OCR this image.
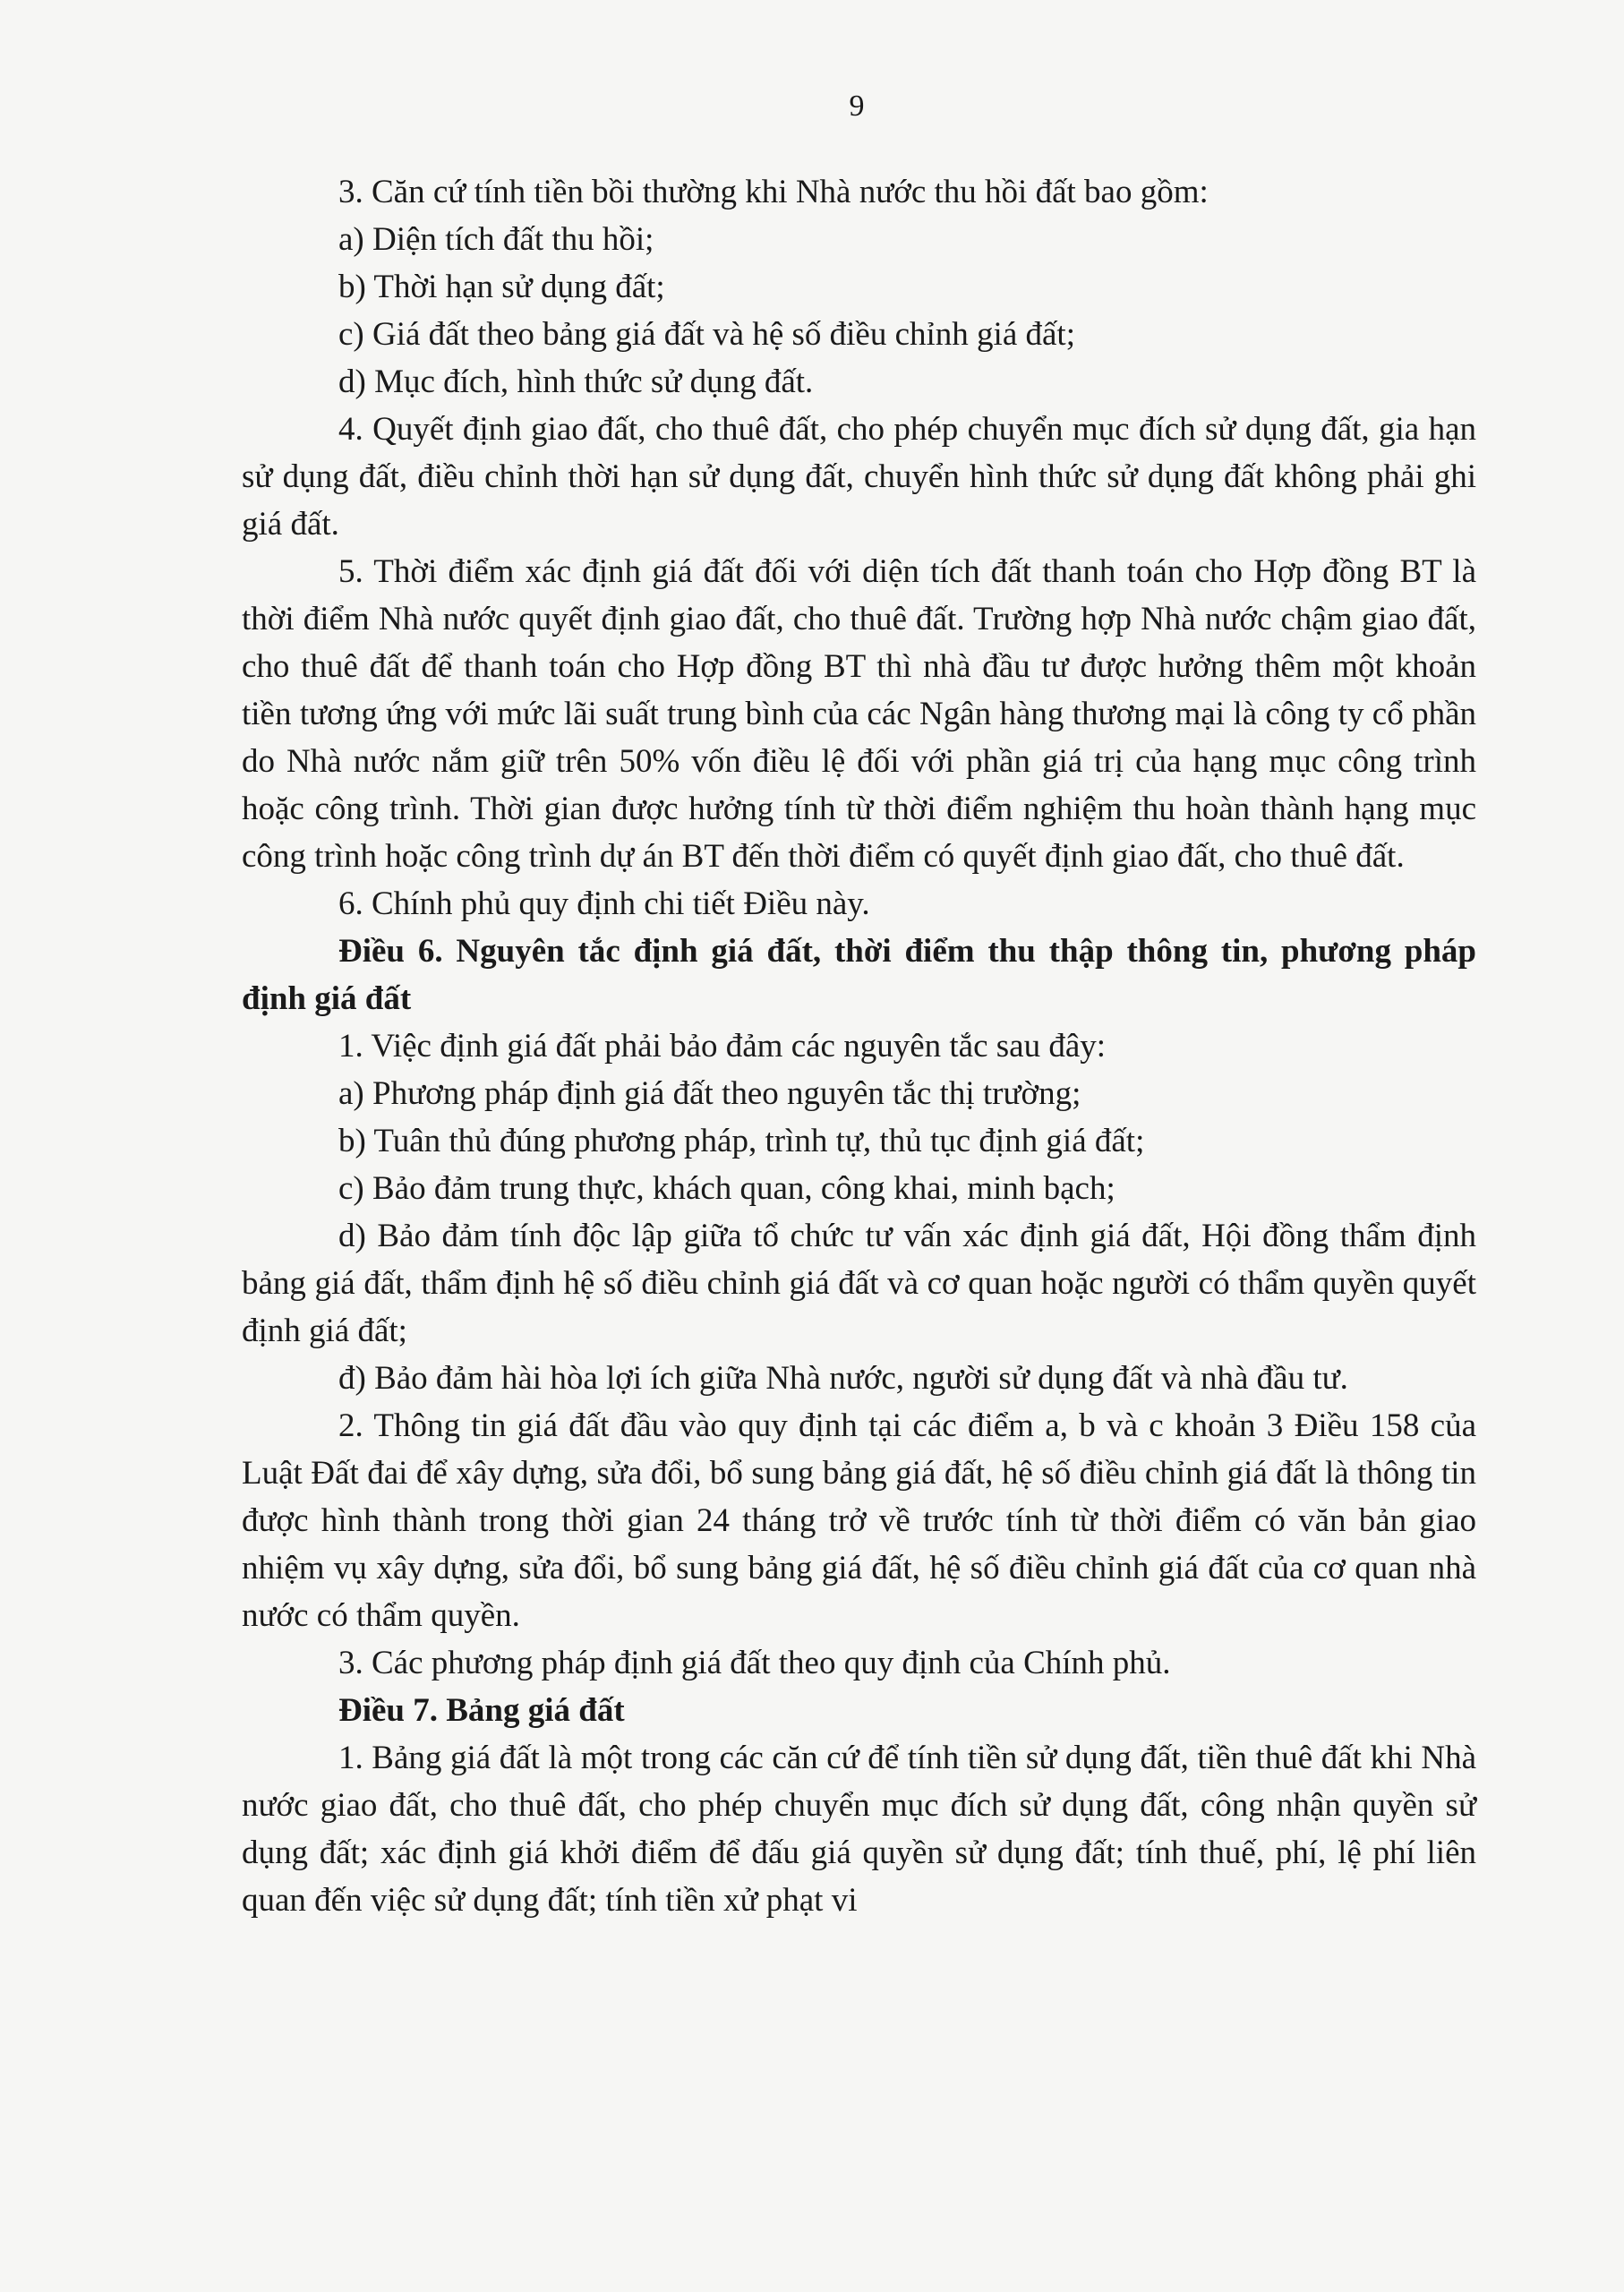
9

3. Căn cứ tính tiền bồi thường khi Nhà nước thu hồi đất bao gồm:

a) Diện tích đất thu hồi;

b) Thời hạn sử dụng đất;

c) Giá đất theo bảng giá đất và hệ số điều chỉnh giá đất;

d) Mục đích, hình thức sử dụng đất.

4. Quyết định giao đất, cho thuê đất, cho phép chuyển mục đích sử dụng đất, gia hạn sử dụng đất, điều chỉnh thời hạn sử dụng đất, chuyển hình thức sử dụng đất không phải ghi giá đất.

5. Thời điểm xác định giá đất đối với diện tích đất thanh toán cho Hợp đồng BT là thời điểm Nhà nước quyết định giao đất, cho thuê đất. Trường hợp Nhà nước chậm giao đất, cho thuê đất để thanh toán cho Hợp đồng BT thì nhà đầu tư được hưởng thêm một khoản tiền tương ứng với mức lãi suất trung bình của các Ngân hàng thương mại là công ty cổ phần do Nhà nước nắm giữ trên 50% vốn điều lệ đối với phần giá trị của hạng mục công trình hoặc công trình. Thời gian được hưởng tính từ thời điểm nghiệm thu hoàn thành hạng mục công trình hoặc công trình dự án BT đến thời điểm có quyết định giao đất, cho thuê đất.

6. Chính phủ quy định chi tiết Điều này.

Điều 6. Nguyên tắc định giá đất, thời điểm thu thập thông tin, phương pháp định giá đất

1. Việc định giá đất phải bảo đảm các nguyên tắc sau đây:

a) Phương pháp định giá đất theo nguyên tắc thị trường;

b) Tuân thủ đúng phương pháp, trình tự, thủ tục định giá đất;

c) Bảo đảm trung thực, khách quan, công khai, minh bạch;

d) Bảo đảm tính độc lập giữa tổ chức tư vấn xác định giá đất, Hội đồng thẩm định bảng giá đất, thẩm định hệ số điều chỉnh giá đất và cơ quan hoặc người có thẩm quyền quyết định giá đất;

đ) Bảo đảm hài hòa lợi ích giữa Nhà nước, người sử dụng đất và nhà đầu tư.

2. Thông tin giá đất đầu vào quy định tại các điểm a, b và c khoản 3 Điều 158 của Luật Đất đai để xây dựng, sửa đổi, bổ sung bảng giá đất, hệ số điều chỉnh giá đất là thông tin được hình thành trong thời gian 24 tháng trở về trước tính từ thời điểm có văn bản giao nhiệm vụ xây dựng, sửa đổi, bổ sung bảng giá đất, hệ số điều chỉnh giá đất của cơ quan nhà nước có thẩm quyền.

3. Các phương pháp định giá đất theo quy định của Chính phủ.

Điều 7. Bảng giá đất

1. Bảng giá đất là một trong các căn cứ để tính tiền sử dụng đất, tiền thuê đất khi Nhà nước giao đất, cho thuê đất, cho phép chuyển mục đích sử dụng đất, công nhận quyền sử dụng đất; xác định giá khởi điểm để đấu giá quyền sử dụng đất; tính thuế, phí, lệ phí liên quan đến việc sử dụng đất; tính tiền xử phạt vi
